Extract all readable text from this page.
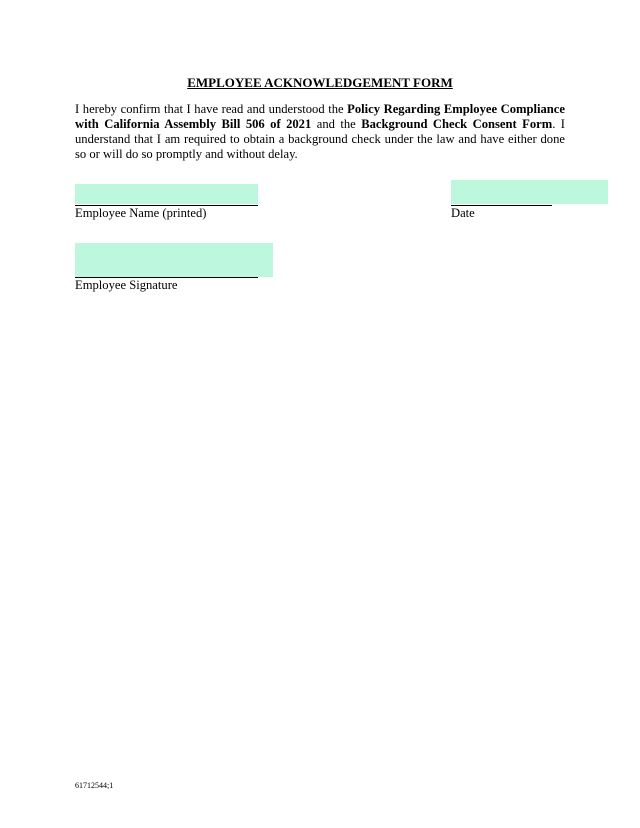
EMPLOYEE ACKNOWLEDGEMENT FORM

I hereby confirm that I have read and understood the Policy Regarding Employee Compliance with California Assembly Bill 506 of 2021 and the Background Check Consent Form. I understand that I am required to obtain a background check under the law and have either done so or will do so promptly and without delay.

Employee Name (printed)	Date

Employee Signature

61712544;1
